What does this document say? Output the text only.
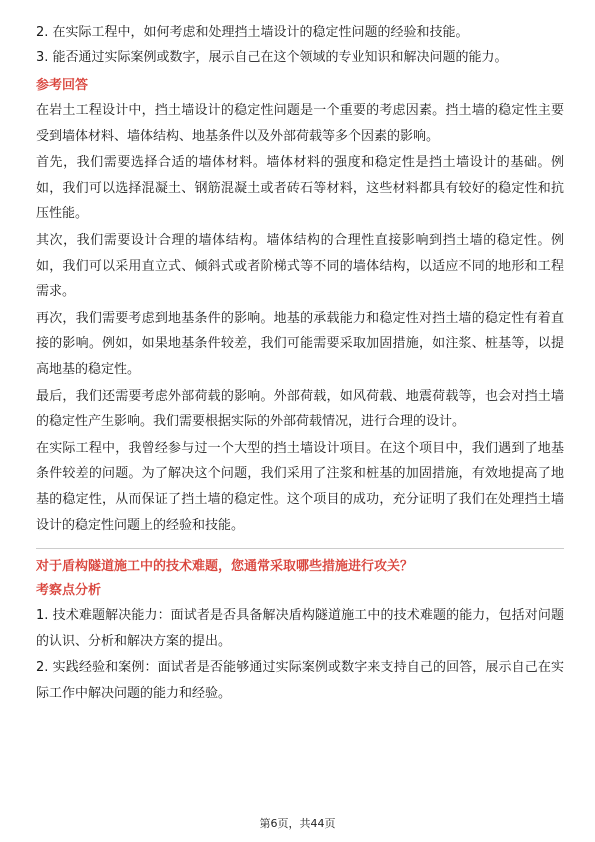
2. 在实际工程中，如何考虑和处理挡土墙设计的稳定性问题的经验和技能。

3. 能否通过实际案例或数字，展示自己在这个领域的专业知识和解决问题的能力。

参考回答

在岩土工程设计中，挡土墙设计的稳定性问题是一个重要的考虑因素。挡土墙的稳定性主要受到墙体材料、墙体结构、地基条件以及外部荷载等多个因素的影响。

首先，我们需要选择合适的墙体材料。墙体材料的强度和稳定性是挡土墙设计的基础。例如，我们可以选择混凝土、钢筋混凝土或者砖石等材料，这些材料都具有较好的稳定性和抗压性能。

其次，我们需要设计合理的墙体结构。墙体结构的合理性直接影响到挡土墙的稳定性。例如，我们可以采用直立式、倾斜式或者阶梯式等不同的墙体结构，以适应不同的地形和工程需求。

再次，我们需要考虑到地基条件的影响。地基的承载能力和稳定性对挡土墙的稳定性有着直接的影响。例如，如果地基条件较差，我们可能需要采取加固措施，如注浆、桩基等，以提高地基的稳定性。

最后，我们还需要考虑外部荷载的影响。外部荷载，如风荷载、地震荷载等，也会对挡土墙的稳定性产生影响。我们需要根据实际的外部荷载情况，进行合理的设计。

在实际工程中，我曾经参与过一个大型的挡土墙设计项目。在这个项目中，我们遇到了地基条件较差的问题。为了解决这个问题，我们采用了注浆和桩基的加固措施，有效地提高了地基的稳定性，从而保证了挡土墙的稳定性。这个项目的成功，充分证明了我们在处理挡土墙设计的稳定性问题上的经验和技能。

对于盾构隧道施工中的技术难题，您通常采取哪些措施进行攻关？

考察点分析

1. 技术难题解决能力：面试者是否具备解决盾构隧道施工中的技术难题的能力，包括对问题的认识、分析和解决方案的提出。

2. 实践经验和案例：面试者是否能够通过实际案例或数字来支持自己的回答，展示自己在实际工作中解决问题的能力和经验。

第6页，共44页
